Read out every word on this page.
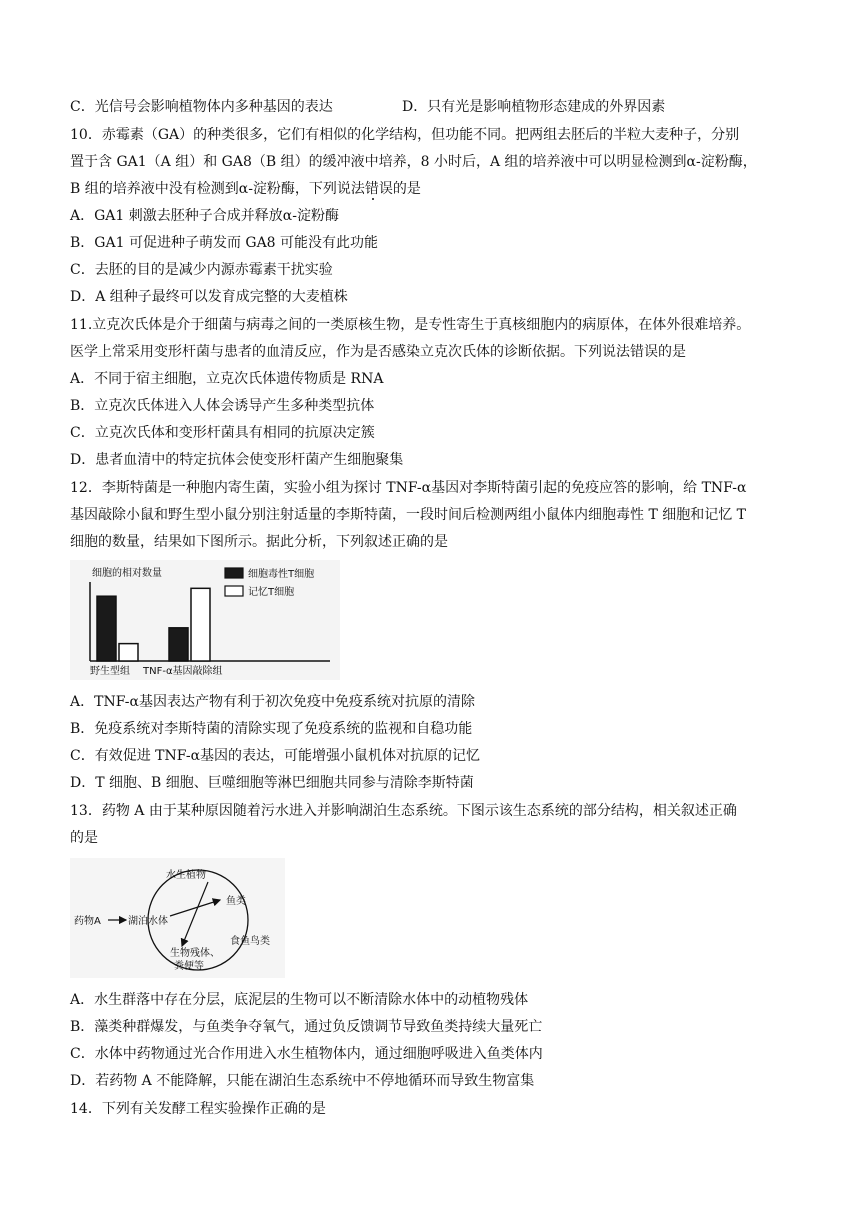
C．光信号会影响植物体内多种基因的表达	D．只有光是影响植物形态建成的外界因素
10．赤霉素（GA）的种类很多，它们有相似的化学结构，但功能不同。把两组去胚后的半粒大麦种子，分别
置于含 GA1（A 组）和 GA8（B 组）的缓冲液中培养，8 小时后，A 组的培养液中可以明显检测到α-淀粉酶，
B 组的培养液中没有检测到α-淀粉酶，下列说法错误的是
A．GA1 刺激去胚种子合成并释放α-淀粉酶
B．GA1 可促进种子萌发而 GA8 可能没有此功能
C．去胚的目的是减少内源赤霉素干扰实验
D．A 组种子最终可以发育成完整的大麦植株
11.立克次氏体是介于细菌与病毒之间的一类原核生物，是专性寄生于真核细胞内的病原体，在体外很难培养。
医学上常采用变形杆菌与患者的血清反应，作为是否感染立克次氏体的诊断依据。下列说法错误的是
A．不同于宿主细胞，立克次氏体遗传物质是 RNA
B．立克次氏体进入人体会诱导产生多种类型抗体
C．立克次氏体和变形杆菌具有相同的抗原决定簇
D．患者血清中的特定抗体会使变形杆菌产生细胞聚集
12．李斯特菌是一种胞内寄生菌，实验小组为探讨 TNF-α基因对李斯特菌引起的免疫应答的影响，给 TNF-α
基因敲除小鼠和野生型小鼠分别注射适量的李斯特菌，一段时间后检测两组小鼠体内细胞毒性 T 细胞和记忆 T
细胞的数量，结果如下图所示。据此分析，下列叙述正确的是
细胞的相对数量
野生型组 TNF-α基因敲除组
细胞毒性T细胞
记忆T细胞
A．TNF-α基因表达产物有利于初次免疫中免疫系统对抗原的清除
B．免疫系统对李斯特菌的清除实现了免疫系统的监视和自稳功能
C．有效促进 TNF-α基因的表达，可能增强小鼠机体对抗原的记忆
D．T 细胞、B 细胞、巨噬细胞等淋巴细胞共同参与清除李斯特菌
13．药物 A 由于某种原因随着污水进入并影响湖泊生态系统。下图示该生态系统的部分结构，相关叙述正确
的是
水生植物
鱼类
食鱼鸟类
生物残体、
粪便等
药物A	湖泊水体
A．水生群落中存在分层，底泥层的生物可以不断清除水体中的动植物残体
B．藻类种群爆发，与鱼类争夺氧气，通过负反馈调节导致鱼类持续大量死亡
C．水体中药物通过光合作用进入水生植物体内，通过细胞呼吸进入鱼类体内
D．若药物 A 不能降解，只能在湖泊生态系统中不停地循环而导致生物富集
14．下列有关发酵工程实验操作正确的是
